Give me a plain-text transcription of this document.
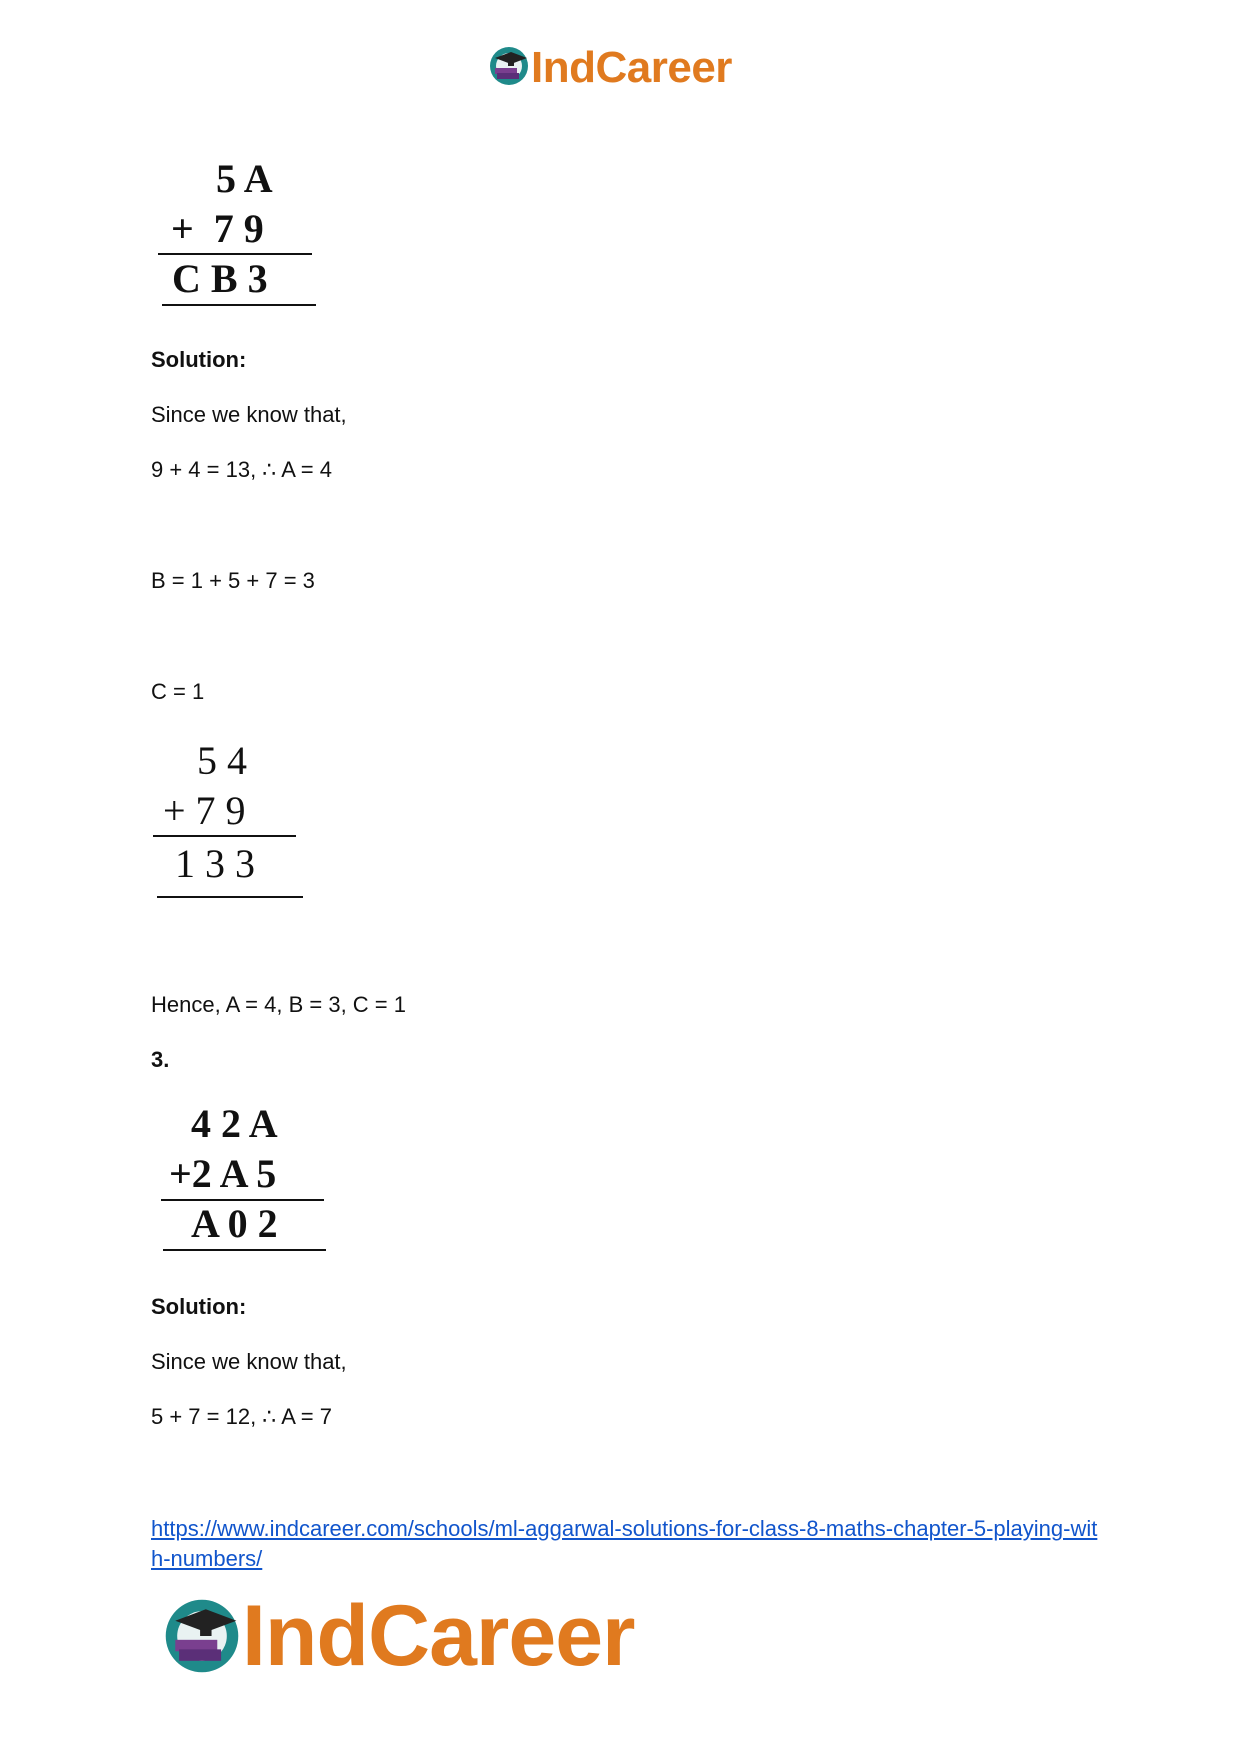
IndCareer
5 A
+  7 9
C B 3
Solution:
Since we know that,
9 + 4 = 13, ∴ A = 4
B = 1 + 5 + 7 = 3
C = 1
5 4
+ 7 9
1 3 3
Hence, A = 4, B = 3, C = 1
3.
4 2 A
+2 A 5
A 0 2
Solution:
Since we know that,
5 + 7 = 12, ∴ A = 7
https://www.indcareer.com/schools/ml-aggarwal-solutions-for-class-8-maths-chapter-5-playing-with-numbers/
IndCareer
